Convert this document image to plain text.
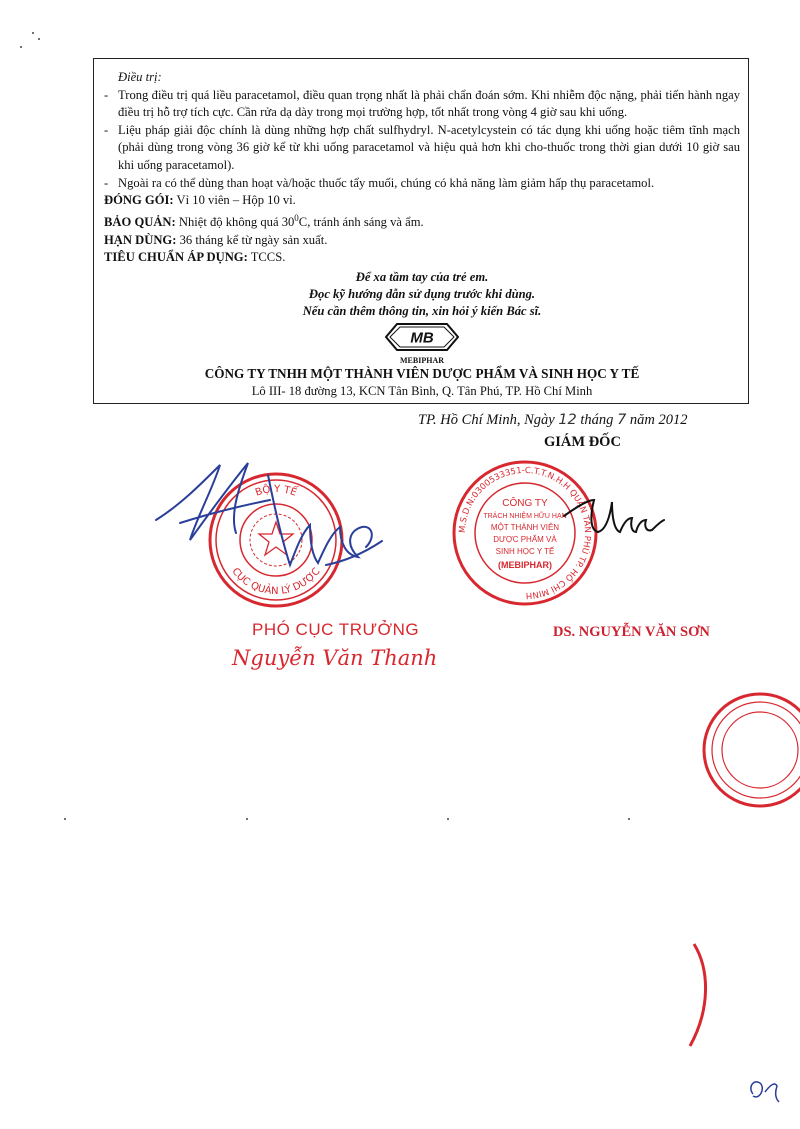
Điều trị:
- Trong điều trị quá liều paracetamol, điều quan trọng nhất là phải chẩn đoán sớm. Khi nhiễm độc nặng, phải tiến hành ngay điều trị hỗ trợ tích cực. Cần rửa dạ dày trong mọi trường hợp, tốt nhất trong vòng 4 giờ sau khi uống.
- Liệu pháp giải độc chính là dùng những hợp chất sulfhydryl. N-acetylcystein có tác dụng khi uống hoặc tiêm tĩnh mạch (phải dùng trong vòng 36 giờ kể từ khi uống paracetamol và hiệu quả hơn khi cho-thuốc trong thời gian dưới 10 giờ sau khi uống paracetamol).
- Ngoài ra có thể dùng than hoạt và/hoặc thuốc tẩy muối, chúng có khả năng làm giảm hấp thụ paracetamol.
ĐÓNG GÓI: Vỉ 10 viên – Hộp 10 vỉ.
BẢO QUẢN: Nhiệt độ không quá $30^0C$, tránh ánh sáng và ẩm.
HẠN DÙNG: 36 tháng kể từ ngày sản xuất.
TIÊU CHUẨN ÁP DỤNG: TCCS.
Để xa tầm tay của trẻ em.
Đọc kỹ hướng dẫn sử dụng trước khi dùng.
Nếu cần thêm thông tin, xin hỏi ý kiến Bác sĩ.
MB
MEBIPHAR
CÔNG TY TNHH MỘT THÀNH VIÊN DƯỢC PHẨM VÀ SINH HỌC Y TẾ
Lô III- 18 đường 13, KCN Tân Bình, Q. Tân Phú, TP. Hồ Chí Minh
TP. Hồ Chí Minh, Ngày 12 tháng 7 năm 2012
GIÁM ĐỐC
BỘ Y TẾ
CỤC QUẢN LÝ DƯỢC
M.S.D.N:0300533351-C.T.T.N.H.H QUẬN TÂN PHÚ TP. HỒ CHÍ MINH
CÔNG TY
TRÁCH NHIỆM HỮU HẠN
MỘT THÀNH VIÊN
DƯỢC PHẨM VÀ
SINH HỌC Y TẾ
(MEBIPHAR)
PHÓ CỤC TRƯỞNG
Nguyễn Văn Thanh
DS. NGUYỄN VĂN SƠN
